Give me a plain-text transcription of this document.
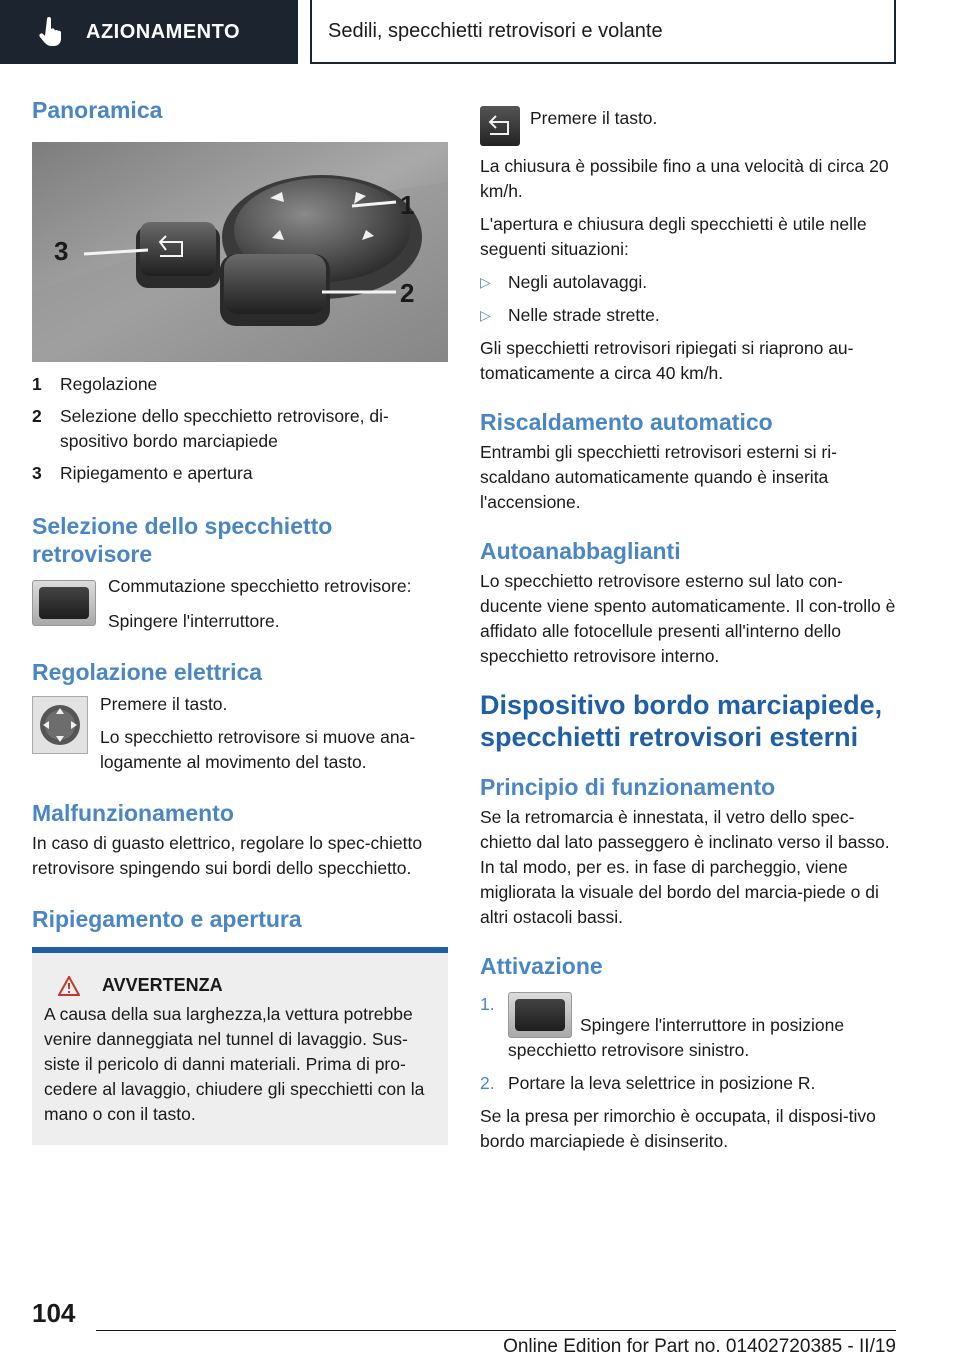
AZIONAMENTO	Sedili, specchietti retrovisori e volante
Panoramica
1
2
3
1	Regolazione
2	Selezione dello specchietto retrovisore, di-
spositivo bordo marciapiede
3	Ripiegamento e apertura
Selezione dello specchietto retrovisore

Commutazione specchietto retrovisore:

Spingere l'interruttore.

Regolazione elettrica

Premere il tasto.

Lo specchietto retrovisore si muove ana-logamente al movimento del tasto.

Malfunzionamento

In caso di guasto elettrico, regolare lo spec-chietto retrovisore spingendo sui bordi dello specchietto.

Ripiegamento e apertura
AVVERTENZA

A causa della sua larghezza,la vettura potrebbe venire danneggiata nel tunnel di lavaggio. Sus-siste il pericolo di danni materiali. Prima di pro-cedere al lavaggio, chiudere gli specchietti con la mano o con il tasto.

Premere il tasto.

La chiusura è possibile fino a una velocità di circa 20 km/h.

L'apertura e chiusura degli specchietti è utile nelle seguenti situazioni:

▷ Negli autolavaggi.
▷ Nelle strade strette.

Gli specchietti retrovisori ripiegati si riaprono au-tomaticamente a circa 40 km/h.

Riscaldamento automatico

Entrambi gli specchietti retrovisori esterni si ri-scaldano automaticamente quando è inserita l'accensione.

Autoanabbaglianti

Lo specchietto retrovisore esterno sul lato con-ducente viene spento automaticamente. Il con-trollo è affidato alle fotocellule presenti all'interno dello specchietto retrovisore interno.

Dispositivo bordo marciapiede, specchietti retrovisori esterni
Principio di funzionamento

Se la retromarcia è innestata, il vetro dello spec-chietto dal lato passeggero è inclinato verso il basso. In tal modo, per es. in fase di parcheggio, viene migliorata la visuale del bordo del marcia-piede o di altri ostacoli bassi.

Attivazione
1.
Spingere l'interruttore in posizione specchietto retrovisore sinistro.
2. Portare la leva selettrice in posizione R.

Se la presa per rimorchio è occupata, il disposi-tivo bordo marciapiede è disinserito.

104
Online Edition for Part no. 01402720385 - II/19
